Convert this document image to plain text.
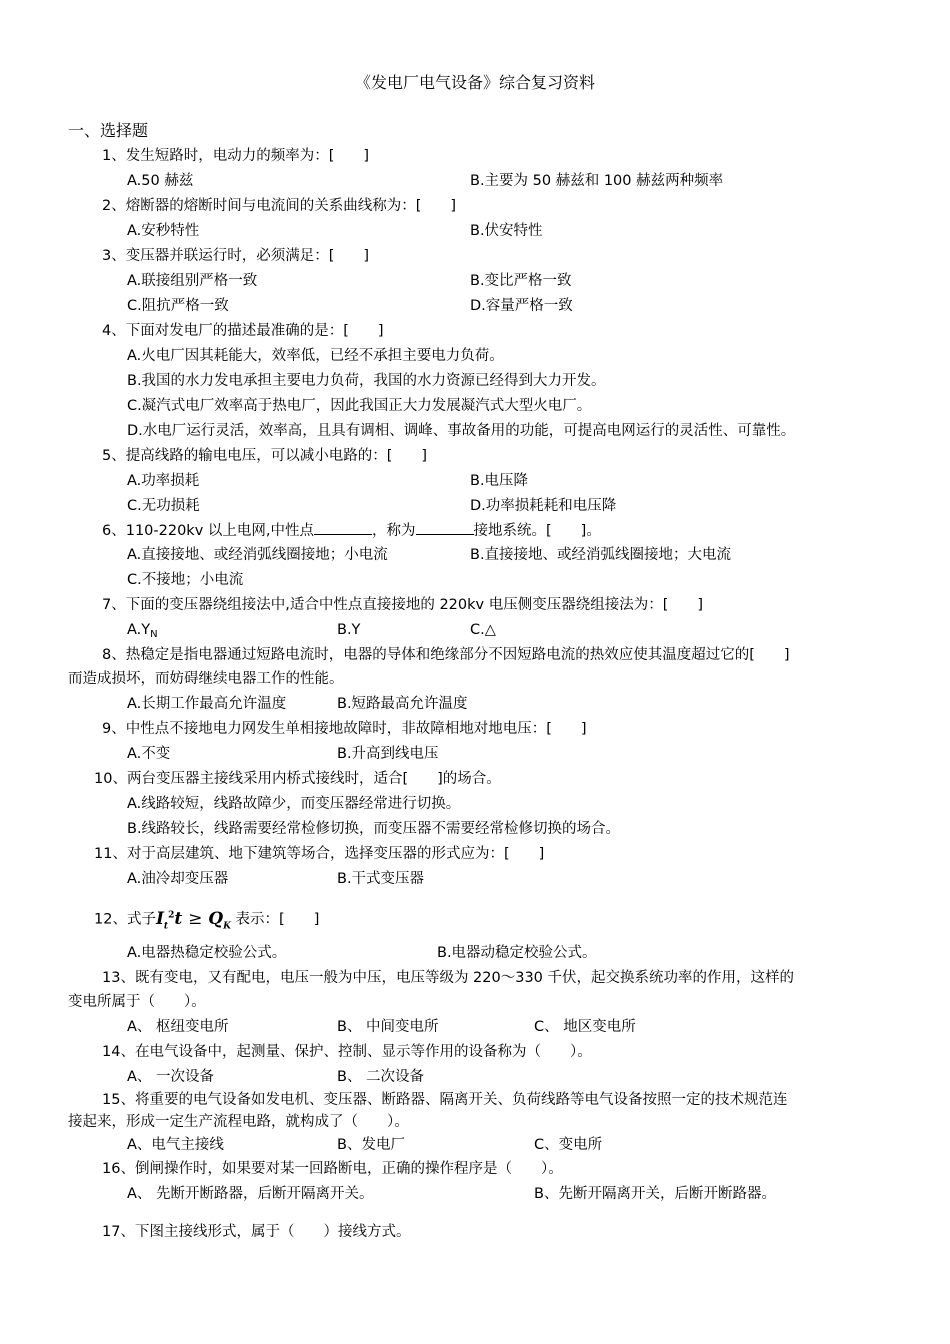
《发电厂电气设备》综合复习资料
一、选择题
1、发生短路时，电动力的频率为：[　　]
A.50 赫兹	B.主要为 50 赫兹和 100 赫兹两种频率
2、熔断器的熔断时间与电流间的关系曲线称为：[　　]
A.安秒特性	B.伏安特性
3、变压器并联运行时，必须满足：[　　]
A.联接组别严格一致	B.变比严格一致
C.阻抗严格一致	D.容量严格一致
4、下面对发电厂的描述最准确的是：[　　]
A.火电厂因其耗能大，效率低，已经不承担主要电力负荷。
B.我国的水力发电承担主要电力负荷，我国的水力资源已经得到大力开发。
C.凝汽式电厂效率高于热电厂，因此我国正大力发展凝汽式大型火电厂。
D.水电厂运行灵活，效率高，且具有调相、调峰、事故备用的功能，可提高电网运行的灵活性、可靠性。
5、提高线路的输电电压，可以减小电路的：[　　]
A.功率损耗	B.电压降
C.无功损耗	D.功率损耗耗和电压降
6、110-220kv 以上电网,中性点	，称为	接地系统。[　　]。
A.直接接地、或经消弧线圈接地；小电流	B.直接接地、或经消弧线圈接地；大电流
C.不接地；小电流
7、下面的变压器绕组接法中,适合中性点直接接地的 220kv 电压侧变压器绕组接法为：[　　]
$A.Y_N$	B.Y	C.△
8、热稳定是指电器通过短路电流时，电器的导体和绝缘部分不因短路电流的热效应使其温度超过它的[　　]
而造成损坏，而妨碍继续电器工作的性能。
A.长期工作最高允许温度	B.短路最高允许温度
9、中性点不接地电力网发生单相接地故障时，非故障相地对地电压：[　　]
A.不变	B.升高到线电压
10、两台变压器主接线采用内桥式接线时，适合[　　]的场合。
A.线路较短，线路故障少，而变压器经常进行切换。
B.线路较长，线路需要经常检修切换，而变压器不需要经常检修切换的场合。
11、对于高层建筑、地下建筑等场合，选择变压器的形式应为：[　　]
A.油冷却变压器	B.干式变压器
12、式子$I_t^2t \ge Q_K$ 表示：[　　]
A.电器热稳定校验公式。	B.电器动稳定校验公式。
13、既有变电，又有配电，电压一般为中压，电压等级为 220～330 千伏，起交换系统功率的作用，这样的
变电所属于（　　）。
A、 枢纽变电所	B、 中间变电所	C、 地区变电所
14、在电气设备中，起测量、保护、控制、显示等作用的设备称为（　　）。
A、 一次设备	B、 二次设备
15、将重要的电气设备如发电机、变压器、断路器、隔离开关、负荷线路等电气设备按照一定的技术规范连
接起来，形成一定生产流程电路，就构成了（　　）。
A、电气主接线	B、发电厂	C、变电所
16、倒闸操作时，如果要对某一回路断电，正确的操作程序是（　　）。
A、 先断开断路器，后断开隔离开关。	B、先断开隔离开关，后断开断路器。
17、下图主接线形式，属于（　　）接线方式。
